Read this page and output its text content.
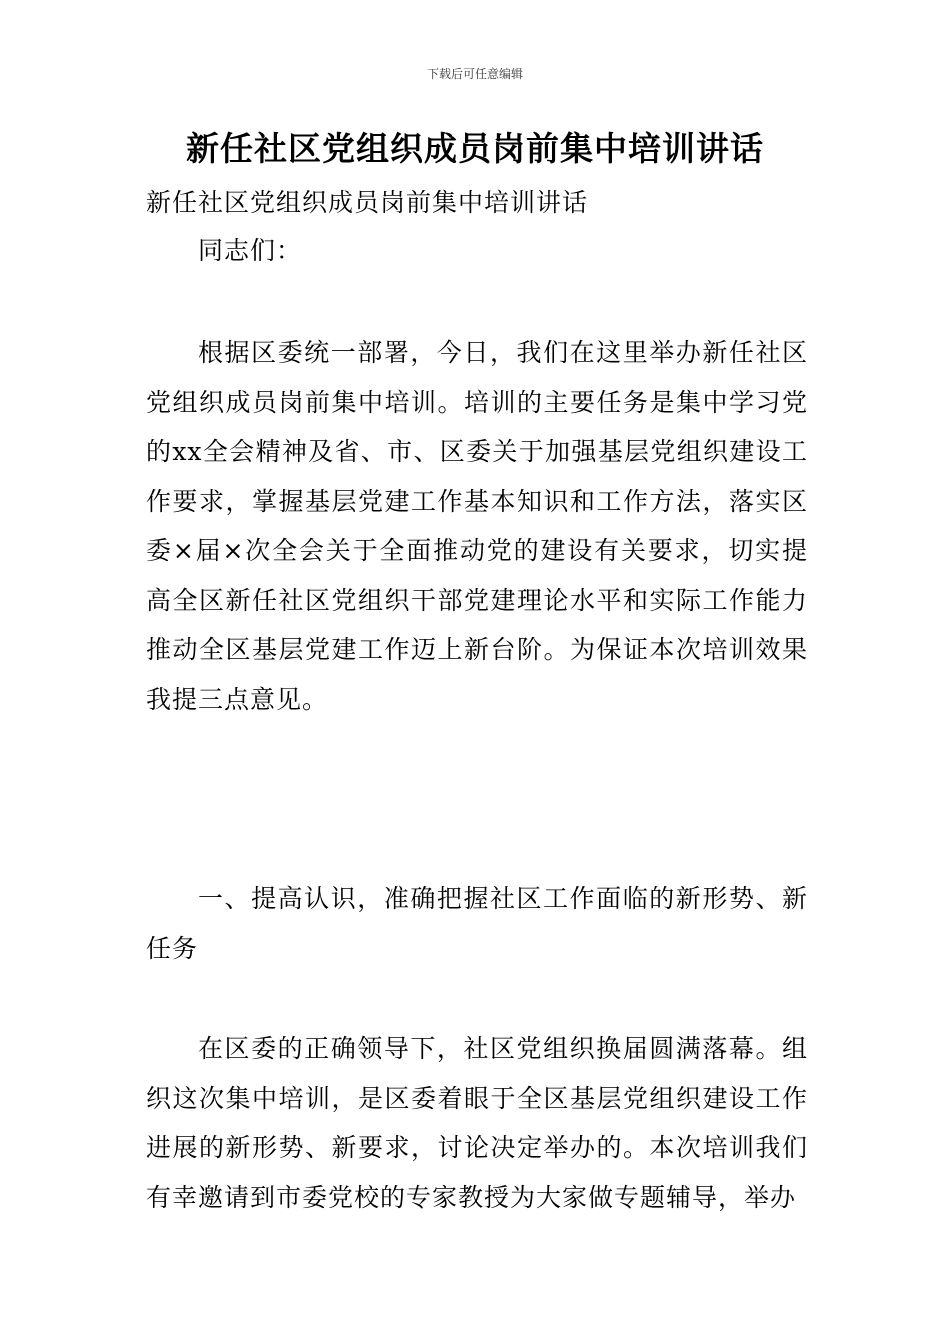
下载后可任意编辑
新任社区党组织成员岗前集中培训讲话
新任社区党组织成员岗前集中培训讲话
同志们：
根据区委统一部署，今日，我们在这里举办新任社区党组织成员岗前集中培训。培训的主要任务是集中学习党的xx全会精神及省、市、区委关于加强基层党组织建设工作要求，掌握基层党建工作基本知识和工作方法，落实区委×届×次全会关于全面推动党的建设有关要求，切实提高全区新任社区党组织干部党建理论水平和实际工作能力推动全区基层党建工作迈上新台阶。为保证本次培训效果我提三点意见。
一、提高认识，准确把握社区工作面临的新形势、新任务
在区委的正确领导下，社区党组织换届圆满落幕。组织这次集中培训，是区委着眼于全区基层党组织建设工作进展的新形势、新要求，讨论决定举办的。本次培训我们有幸邀请到市委党校的专家教授为大家做专题辅导，举办
